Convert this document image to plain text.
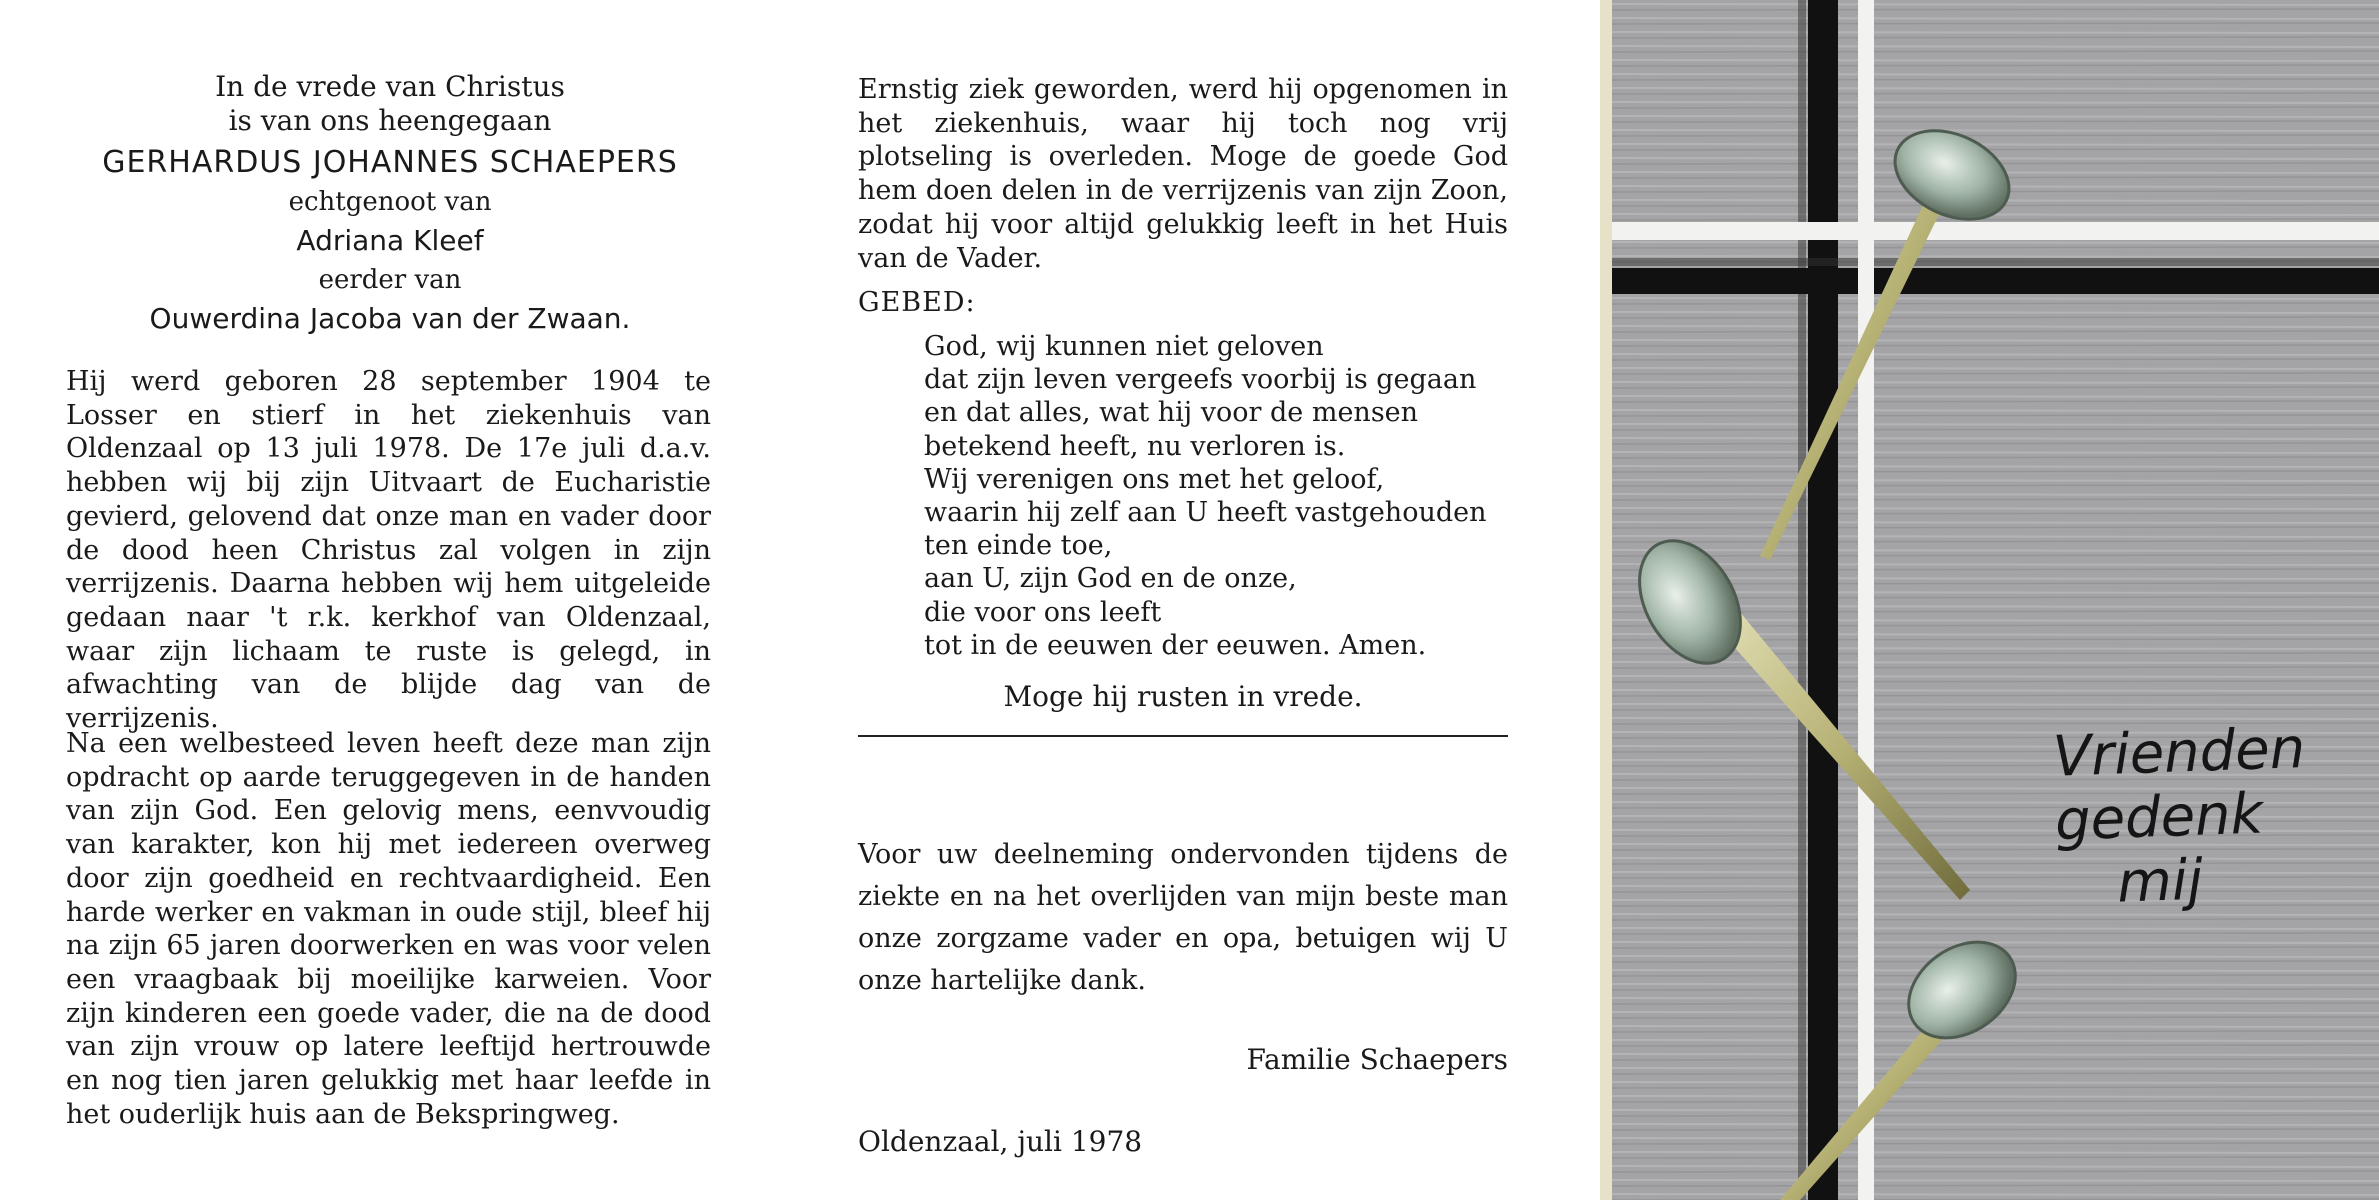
In de vrede van Christus
is van ons heengegaan
GERHARDUS JOHANNES SCHAEPERS
echtgenoot van
Adriana Kleef
eerder van
Ouwerdina Jacoba van der Zwaan.
Hij werd geboren 28 september 1904 te Losser en stierf in het ziekenhuis van Oldenzaal op 13 juli 1978. De 17e juli d.a.v. hebben wij bij zijn Uitvaart de Eucharistie gevierd, gelovend dat onze man en vader door de dood heen Christus zal volgen in zijn verrijzenis. Daarna hebben wij hem uitgeleide gedaan naar 't r.k. kerkhof van Oldenzaal, waar zijn lichaam te ruste is gelegd, in afwachting van de blijde dag van de verrijzenis.
Na een welbesteed leven heeft deze man zijn opdracht op aarde teruggegeven in de handen van zijn God. Een gelovig mens, eenvvoudig van karakter, kon hij met iedereen overweg door zijn goedheid en rechtvaardigheid. Een harde werker en vakman in oude stijl, bleef hij na zijn 65 jaren doorwerken en was voor velen een vraagbaak bij moeilijke karweien. Voor zijn kinderen een goede vader, die na de dood van zijn vrouw op latere leeftijd hertrouwde en nog tien jaren gelukkig met haar leefde in het ouderlijk huis aan de Bekspringweg.
Ernstig ziek geworden, werd hij opgenomen in het ziekenhuis, waar hij toch nog vrij plotseling is overleden. Moge de goede God hem doen delen in de verrijzenis van zijn Zoon, zodat hij voor altijd gelukkig leeft in het Huis van de Vader.
GEBED:
God, wij kunnen niet geloven
dat zijn leven vergeefs voorbij is gegaan
en dat alles, wat hij voor de mensen
betekend heeft, nu verloren is.
Wij verenigen ons met het geloof,
waarin hij zelf aan U heeft vastgehouden
ten einde toe,
aan U, zijn God en de onze,
die voor ons leeft
tot in de eeuwen der eeuwen. Amen.
Moge hij rusten in vrede.
Voor uw deelneming ondervonden tijdens de ziekte en na het overlijden van mijn beste man onze zorgzame vader en opa, betuigen wij U onze hartelijke dank.
Familie Schaepers
Oldenzaal, juli 1978
Vrienden
gedenk
mij
